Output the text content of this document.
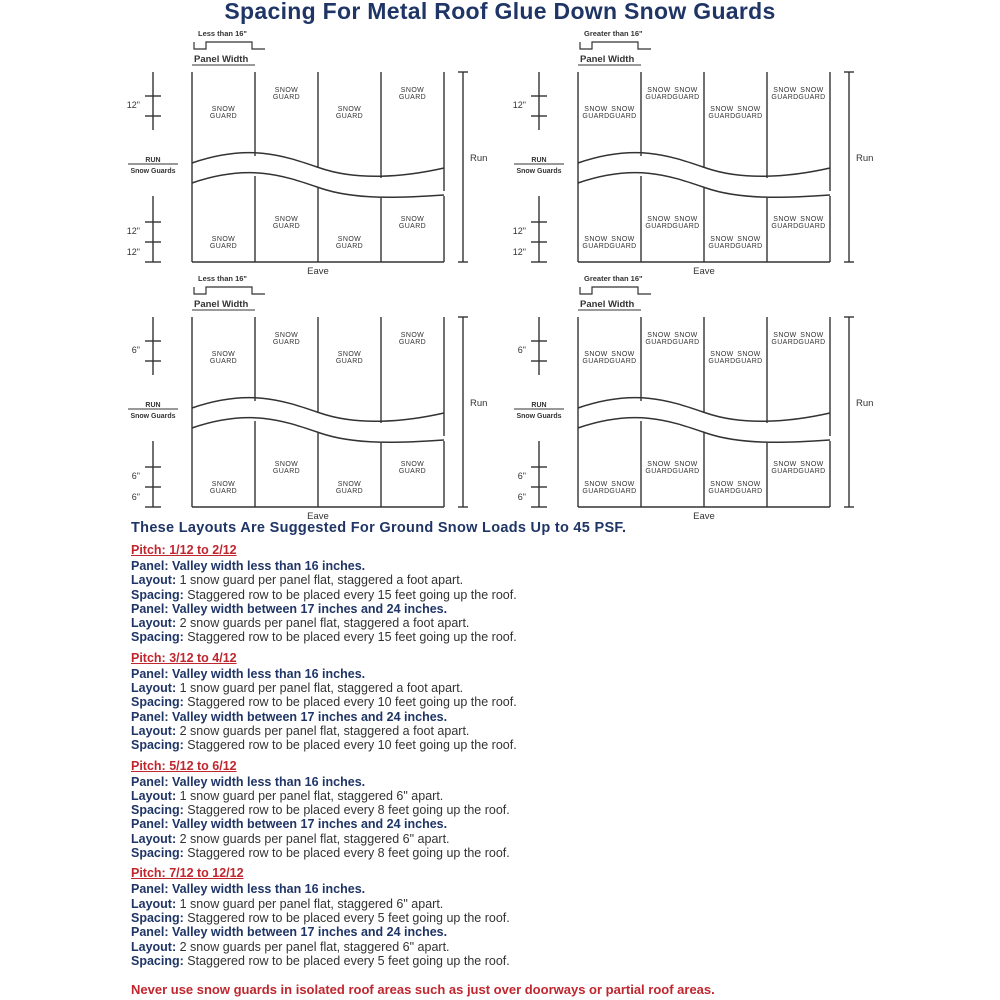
Spacing For Metal Roof Glue Down Snow Guards
Less than 16"
Panel Width
Run
Eave
RUN
Snow Guards
12"
12"
12"
SNOW
GUARD
SNOW
GUARD
SNOW
GUARD
SNOW
GUARD
SNOW
GUARD
SNOW
GUARD
SNOW
GUARD
SNOW
GUARD
Greater than 16"
Panel Width
Run
Eave
RUN
Snow Guards
12"
12"
12"
SNOW
GUARD
SNOW
GUARD
SNOW
GUARD
SNOW
GUARD
SNOW
GUARD
SNOW
GUARD
SNOW
GUARD
SNOW
GUARD
SNOW
GUARD
SNOW
GUARD
SNOW
GUARD
SNOW
GUARD
SNOW
GUARD
SNOW
GUARD
SNOW
GUARD
SNOW
GUARD
Less than 16"
Panel Width
Run
Eave
RUN
Snow Guards
6"
6"
6"
SNOW
GUARD
SNOW
GUARD
SNOW
GUARD
SNOW
GUARD
SNOW
GUARD
SNOW
GUARD
SNOW
GUARD
SNOW
GUARD
Greater than 16"
Panel Width
Run
Eave
RUN
Snow Guards
6"
6"
6"
SNOW
GUARD
SNOW
GUARD
SNOW
GUARD
SNOW
GUARD
SNOW
GUARD
SNOW
GUARD
SNOW
GUARD
SNOW
GUARD
SNOW
GUARD
SNOW
GUARD
SNOW
GUARD
SNOW
GUARD
SNOW
GUARD
SNOW
GUARD
SNOW
GUARD
SNOW
GUARD

These Layouts Are Suggested For Ground Snow Loads Up to 45 PSF.

Pitch: 1/12 to 2/12

Panel: Valley width less than 16 inches.

Layout: 1 snow guard per panel flat, staggered a foot apart.

Spacing: Staggered row to be placed every 15 feet going up the roof.

Panel: Valley width between 17 inches and 24 inches.

Layout: 2 snow guards per panel flat, staggered a foot apart.

Spacing: Staggered row to be placed every 15 feet going up the roof.

Pitch: 3/12 to 4/12

Panel: Valley width less than 16 inches.

Layout: 1 snow guard per panel flat, staggered a foot apart.

Spacing: Staggered row to be placed every 10 feet going up the roof.

Panel: Valley width between 17 inches and 24 inches.

Layout: 2 snow guards per panel flat, staggered a foot apart.

Spacing: Staggered row to be placed every 10 feet going up the roof.

Pitch: 5/12 to 6/12

Panel: Valley width less than 16 inches.

Layout: 1 snow guard per panel flat, staggered 6" apart.

Spacing: Staggered row to be placed every 8 feet going up the roof.

Panel: Valley width between 17 inches and 24 inches.

Layout: 2 snow guards per panel flat, staggered 6" apart.

Spacing: Staggered row to be placed every 8 feet going up the roof.

Pitch: 7/12 to 12/12

Panel: Valley width less than 16 inches.

Layout: 1 snow guard per panel flat, staggered 6" apart.

Spacing: Staggered row to be placed every 5 feet going up the roof.

Panel: Valley width between 17 inches and 24 inches.

Layout: 2 snow guards per panel flat, staggered 6" apart.

Spacing: Staggered row to be placed every 5 feet going up the roof.

Never use snow guards in isolated roof areas such as just over doorways or partial roof areas.
